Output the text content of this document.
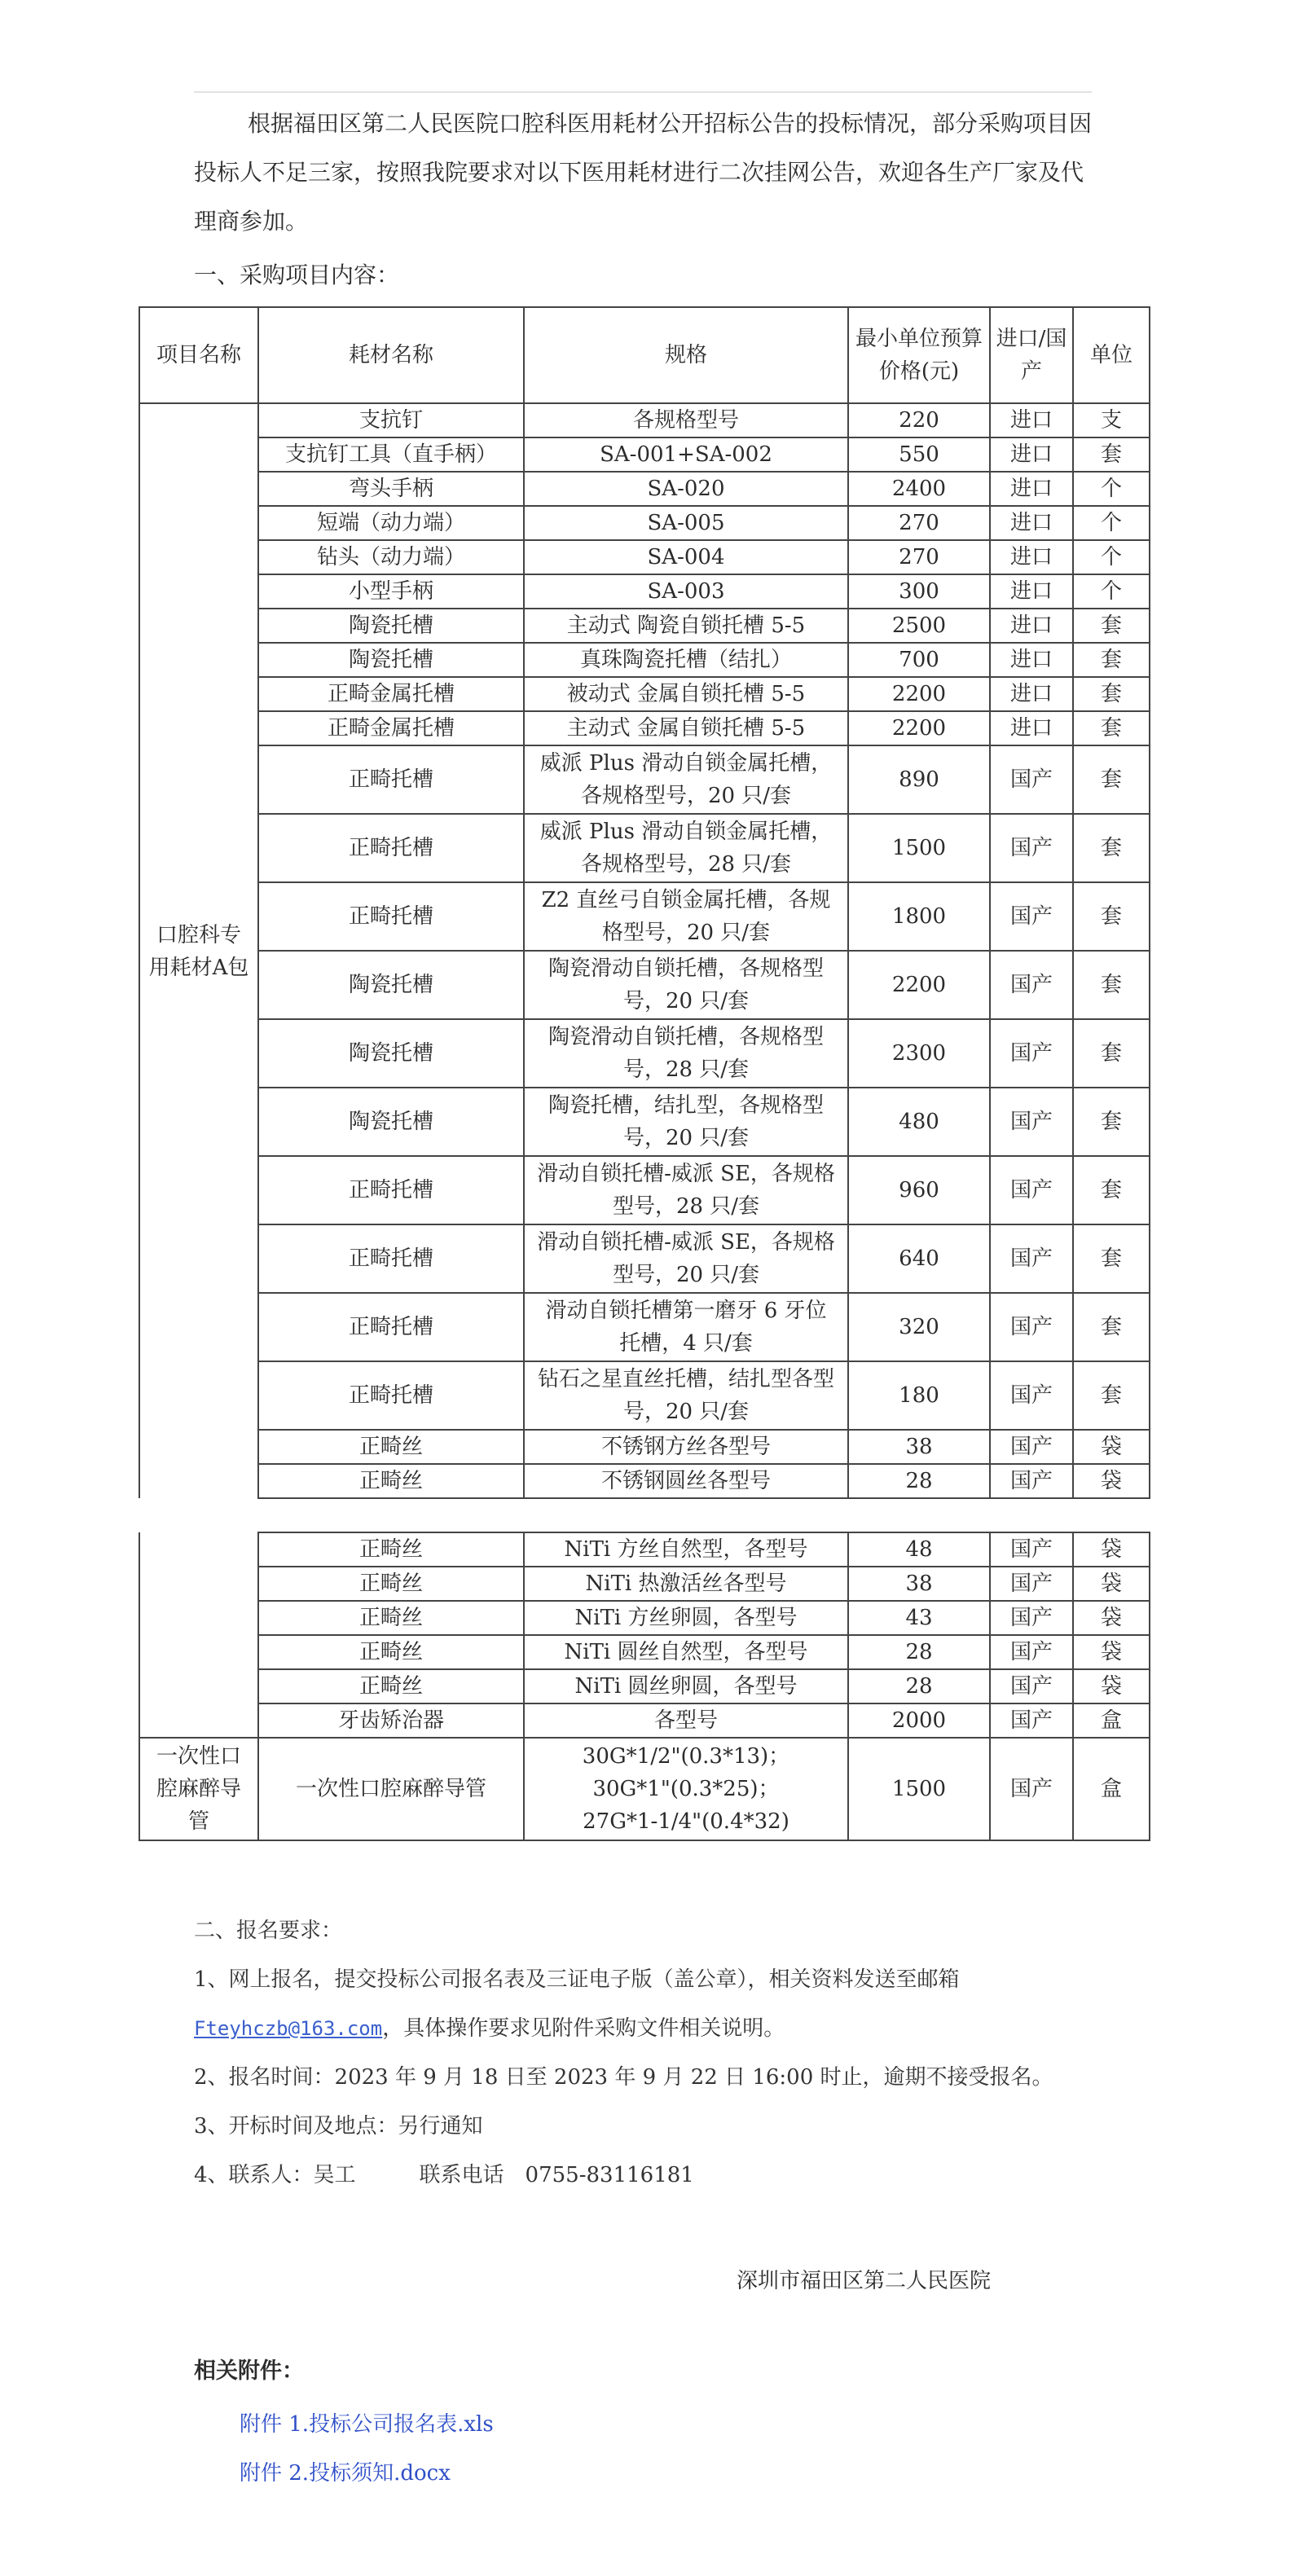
根据福田区第二人民医院口腔科医用耗材公开招标公告的投标情况，部分采购项目因投标人不足三家，按照我院要求对以下医用耗材进行二次挂网公告，欢迎各生产厂家及代理商参加。

一、采购项目内容：

项目名称	耗材名称	规格	最小单位预算价格(元)	进口/国产	单位
口腔科专用耗材A包	支抗钉	各规格型号	220	进口	支
	支抗钉工具（直手柄）	SA-001+SA-002	550	进口	套
	弯头手柄	SA-020	2400	进口	个
	短端（动力端）	SA-005	270	进口	个
	钻头（动力端）	SA-004	270	进口	个
	小型手柄	SA-003	300	进口	个
	陶瓷托槽	主动式 陶瓷自锁托槽 5-5	2500	进口	套
	陶瓷托槽	真珠陶瓷托槽（结扎）	700	进口	套
	正畸金属托槽	被动式 金属自锁托槽 5-5	2200	进口	套
	正畸金属托槽	主动式 金属自锁托槽 5-5	2200	进口	套
	正畸托槽	威派 Plus 滑动自锁金属托槽，各规格型号，20 只/套	890	国产	套
	正畸托槽	威派 Plus 滑动自锁金属托槽，各规格型号，28 只/套	1500	国产	套
	正畸托槽	Z2 直丝弓自锁金属托槽，各规格型号，20 只/套	1800	国产	套
	陶瓷托槽	陶瓷滑动自锁托槽，各规格型号，20 只/套	2200	国产	套
	陶瓷托槽	陶瓷滑动自锁托槽，各规格型号，28 只/套	2300	国产	套
	陶瓷托槽	陶瓷托槽，结扎型，各规格型号，20 只/套	480	国产	套
	正畸托槽	滑动自锁托槽-威派 SE，各规格型号，28 只/套	960	国产	套
	正畸托槽	滑动自锁托槽-威派 SE，各规格型号，20 只/套	640	国产	套
	正畸托槽	滑动自锁托槽第一磨牙 6 牙位托槽，4 只/套	320	国产	套
	正畸托槽	钻石之星直丝托槽，结扎型各型号，20 只/套	180	国产	套
	正畸丝	不锈钢方丝各型号	38	国产	袋
	正畸丝	不锈钢圆丝各型号	28	国产	袋
	正畸丝	NiTi 方丝自然型，各型号	48	国产	袋
	正畸丝	NiTi 热激活丝各型号	38	国产	袋
	正畸丝	NiTi 方丝卵圆，各型号	43	国产	袋
	正畸丝	NiTi 圆丝自然型，各型号	28	国产	袋
	正畸丝	NiTi 圆丝卵圆，各型号	28	国产	袋
	牙齿矫治器	各型号	2000	国产	盒
一次性口腔麻醉导管	一次性口腔麻醉导管	30G*1/2"(0.3*13)；
30G*1"(0.3*25)；
27G*1-1/4"(0.4*32)	1500	国产	盒

二、报名要求：

1、网上报名，提交投标公司报名表及三证电子版（盖公章），相关资料发送至邮箱
Fteyhczb@163.com，具体操作要求见附件采购文件相关说明。

2、报名时间：2023 年 9 月 18 日至 2023 年 9 月 22 日 16:00 时止，逾期不接受报名。

3、开标时间及地点：另行通知

4、联系人：吴工　　　联系电话　0755-83116181

深圳市福田区第二人民医院
相关附件：
附件 1.投标公司报名表.xls
附件 2.投标须知.docx
